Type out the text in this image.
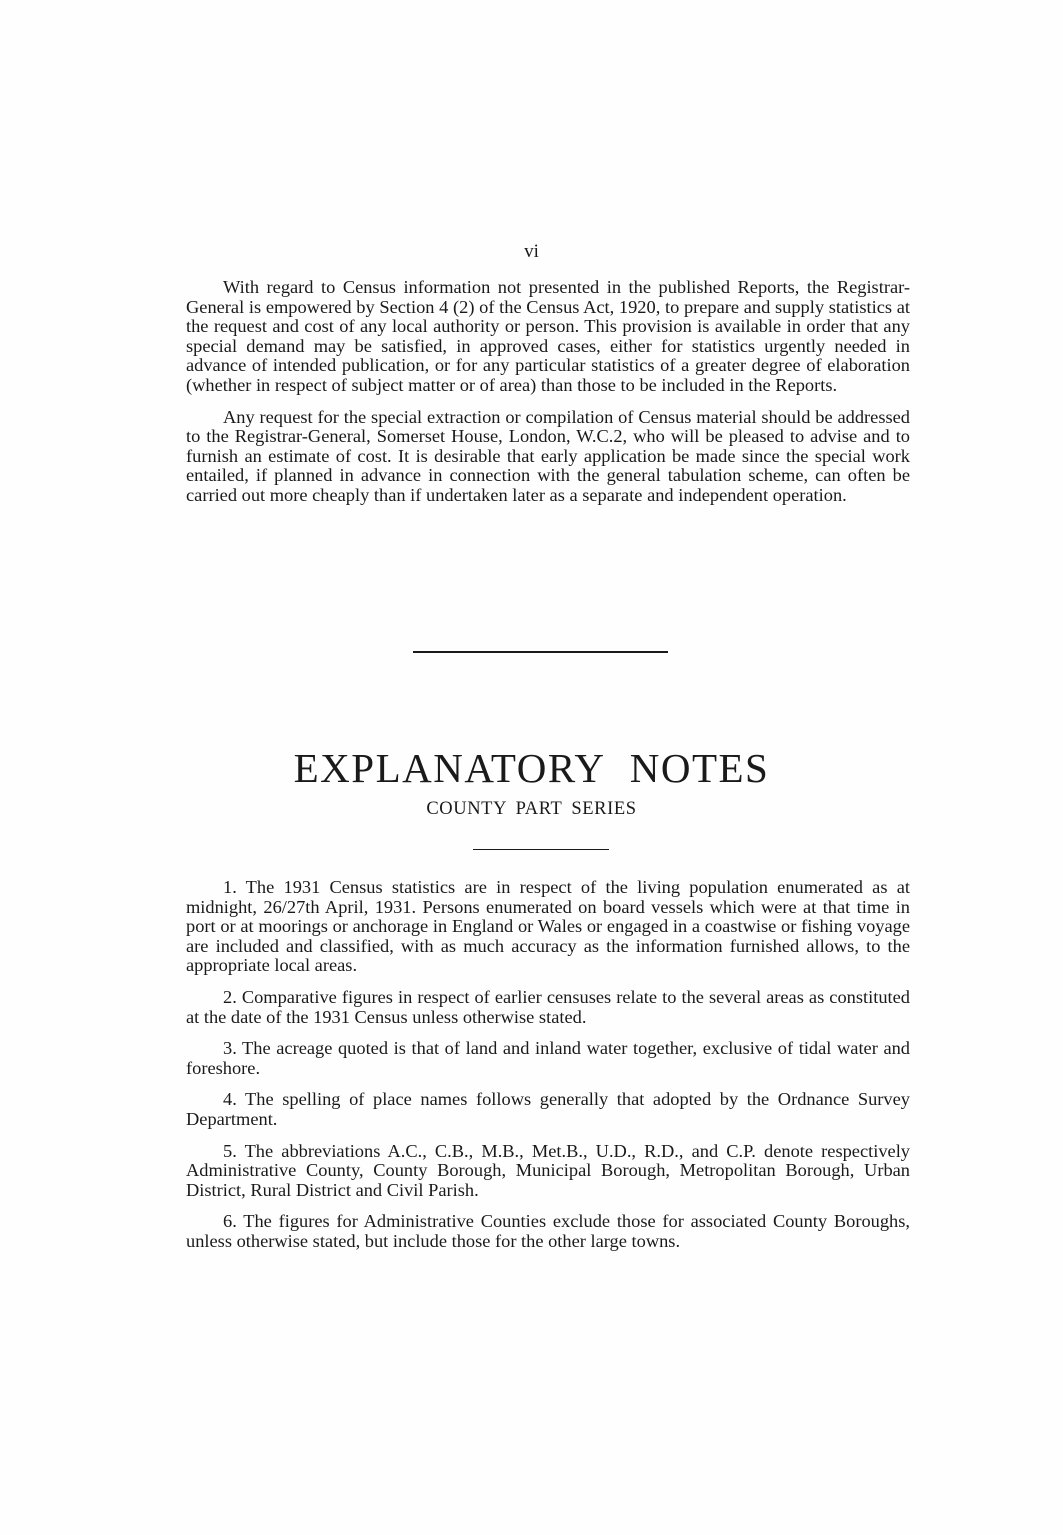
vi

With regard to Census information not presented in the published Reports, the Registrar-General is empowered by Section 4 (2) of the Census Act, 1920, to prepare and supply statistics at the request and cost of any local authority or person. This provision is available in order that any special demand may be satisfied, in approved cases, either for statistics urgently needed in advance of intended publication, or for any particular statistics of a greater degree of elaboration (whether in respect of subject matter or of area) than those to be included in the Reports.

Any request for the special extraction or compilation of Census material should be addressed to the Registrar-General, Somerset House, London, W.C.2, who will be pleased to advise and to furnish an estimate of cost. It is desirable that early application be made since the special work entailed, if planned in advance in connection with the general tabulation scheme, can often be carried out more cheaply than if undertaken later as a separate and independent operation.

EXPLANATORY NOTES
COUNTY PART SERIES

1. The 1931 Census statistics are in respect of the living population enumerated as at midnight, 26/27th April, 1931. Persons enumerated on board vessels which were at that time in port or at moorings or anchorage in England or Wales or engaged in a coastwise or fishing voyage are included and classified, with as much accuracy as the information furnished allows, to the appropriate local areas.

2. Comparative figures in respect of earlier censuses relate to the several areas as constituted at the date of the 1931 Census unless otherwise stated.

3. The acreage quoted is that of land and inland water together, exclusive of tidal water and foreshore.

4. The spelling of place names follows generally that adopted by the Ordnance Survey Department.

5. The abbreviations A.C., C.B., M.B., Met.B., U.D., R.D., and C.P. denote respectively Administrative County, County Borough, Municipal Borough, Metropolitan Borough, Urban District, Rural District and Civil Parish.

6. The figures for Administrative Counties exclude those for associated County Boroughs, unless otherwise stated, but include those for the other large towns.
